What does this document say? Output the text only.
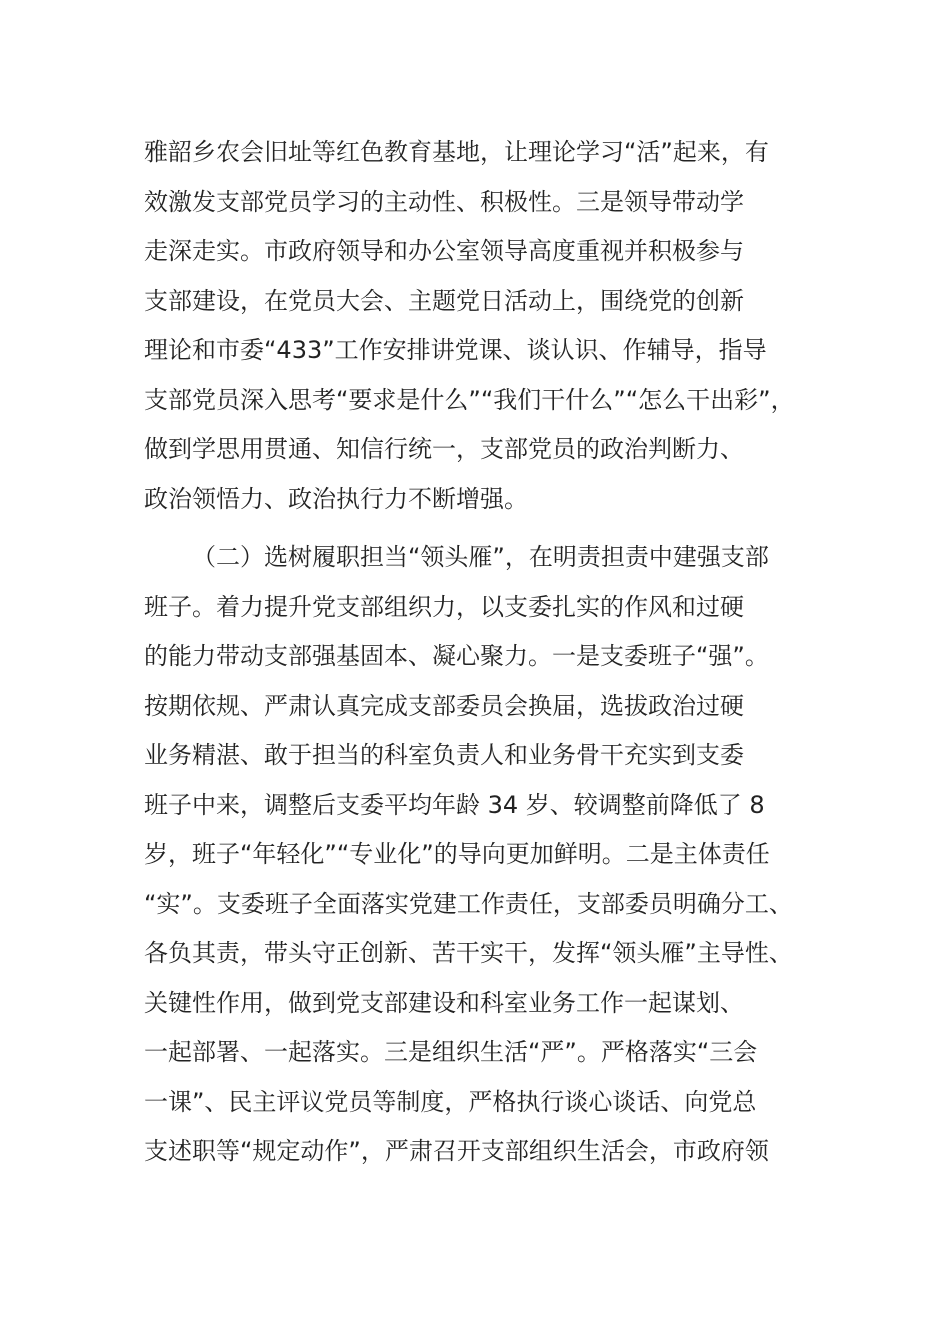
雅韶乡农会旧址等红色教育基地，让理论学习“活”起来，有
效激发支部党员学习的主动性、积极性。三是领导带动学
走深走实。市政府领导和办公室领导高度重视并积极参与
支部建设，在党员大会、主题党日活动上，围绕党的创新
理论和市委“433”工作安排讲党课、谈认识、作辅导，指导
支部党员深入思考“要求是什么”“我们干什么”“怎么干出彩”，
做到学思用贯通、知信行统一，支部党员的政治判断力、
政治领悟力、政治执行力不断增强。
（二）选树履职担当“领头雁”，在明责担责中建强支部
班子。着力提升党支部组织力，以支委扎实的作风和过硬
的能力带动支部强基固本、凝心聚力。一是支委班子“强”。
按期依规、严肃认真完成支部委员会换届，选拔政治过硬
业务精湛、敢于担当的科室负责人和业务骨干充实到支委
班子中来，调整后支委平均年龄 34 岁、较调整前降低了 8
岁，班子“年轻化”“专业化”的导向更加鲜明。二是主体责任
“实”。支委班子全面落实党建工作责任，支部委员明确分工、
各负其责，带头守正创新、苦干实干，发挥“领头雁”主导性、
关键性作用，做到党支部建设和科室业务工作一起谋划、
一起部署、一起落实。三是组织生活“严”。严格落实“三会
一课”、民主评议党员等制度，严格执行谈心谈话、向党总
支述职等“规定动作”，严肃召开支部组织生活会，市政府领
